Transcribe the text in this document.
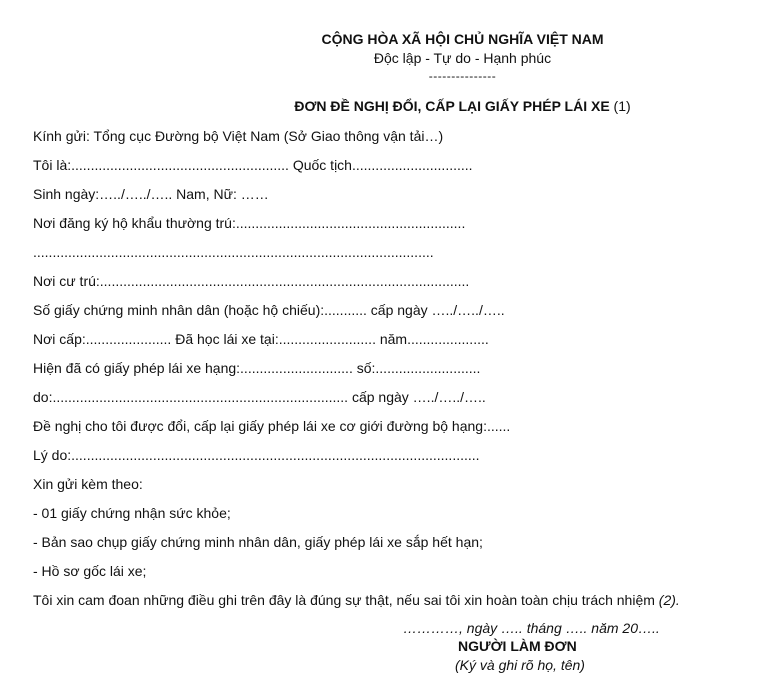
CỘNG HÒA XÃ HỘI CHỦ NGHĨA VIỆT NAM
Độc lập - Tự do - Hạnh phúc
---------------
ĐƠN ĐỀ NGHỊ ĐỔI, CẤP LẠI GIẤY PHÉP LÁI XE (1)
Kính gửi: Tổng cục Đường bộ Việt Nam (Sở Giao thông vận tải…)
Tôi là:........................................................ Quốc tịch...............................
Sinh ngày:…../…../….. Nam, Nữ: ……
Nơi đăng ký hộ khẩu thường trú:...........................................................
.......................................................................................................
Nơi cư trú:...............................................................................................
Số giấy chứng minh nhân dân (hoặc hộ chiếu):........... cấp ngày …../…../…..
Nơi cấp:...................... Đã học lái xe tại:......................... năm.....................
Hiện đã có giấy phép lái xe hạng:............................. số:...........................
do:............................................................................ cấp ngày …../…../…..
Đề nghị cho tôi được đổi, cấp lại giấy phép lái xe cơ giới đường bộ hạng:......
Lý do:.........................................................................................................
Xin gửi kèm theo:
- 01 giấy chứng nhận sức khỏe;
- Bản sao chụp giấy chứng minh nhân dân, giấy phép lái xe sắp hết hạn;
- Hồ sơ gốc lái xe;
Tôi xin cam đoan những điều ghi trên đây là đúng sự thật, nếu sai tôi xin hoàn toàn chịu trách nhiệm (2).
…………, ngày ….. tháng ….. năm 20…..
NGƯỜI LÀM ĐƠN
(Ký và ghi rõ họ, tên)
